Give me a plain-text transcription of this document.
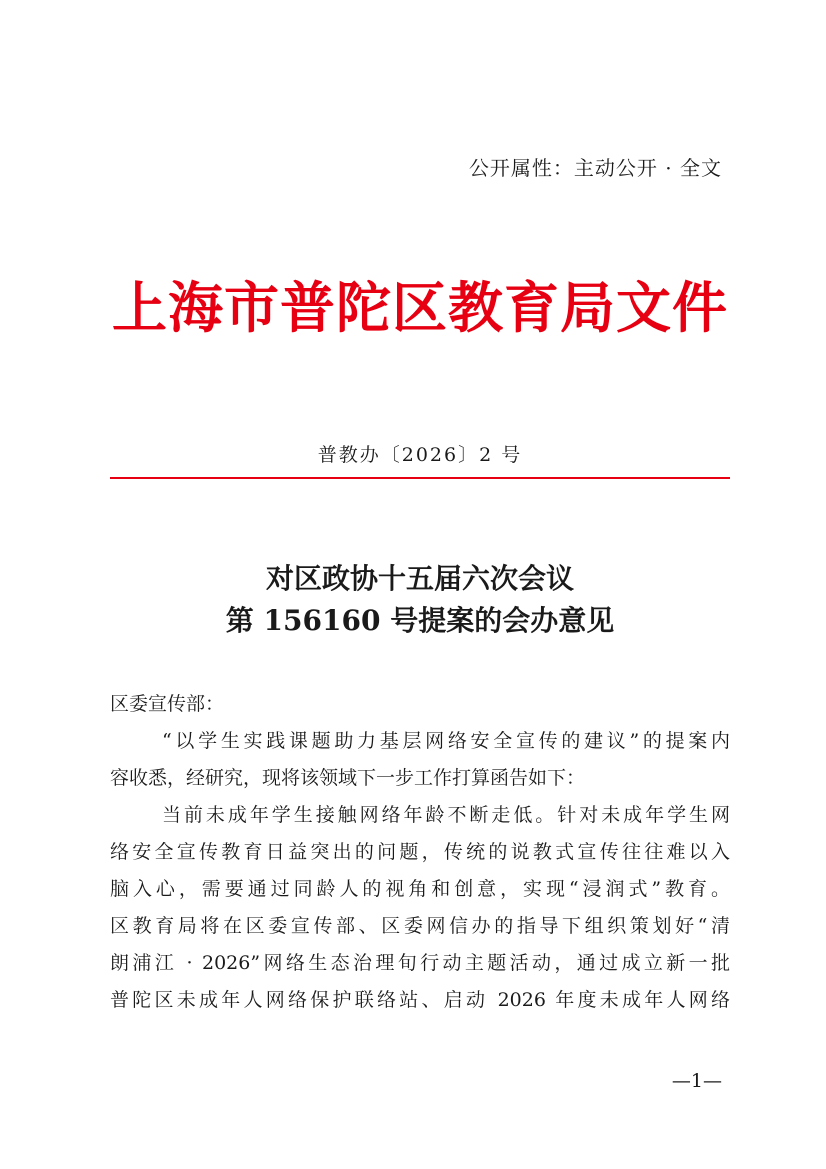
公开属性：主动公开 · 全文
上海市普陀区教育局文件
普教办〔2026〕2 号
对区政协十五届六次会议
第 156160 号提案的会办意见
区委宣传部：
“以学生实践课题助力基层网络安全宣传的建议”的提案内
容收悉，经研究，现将该领域下一步工作打算函告如下：
当前未成年学生接触网络年龄不断走低。针对未成年学生网
络安全宣传教育日益突出的问题，传统的说教式宣传往往难以入
脑入心，需要通过同龄人的视角和创意，实现“浸润式”教育。
区教育局将在区委宣传部、区委网信办的指导下组织策划好“清
朗浦江 · 2026”网络生态治理旬行动主题活动，通过成立新一批
普陀区未成年人网络保护联络站、启动 2026 年度未成年人网络
—1—
